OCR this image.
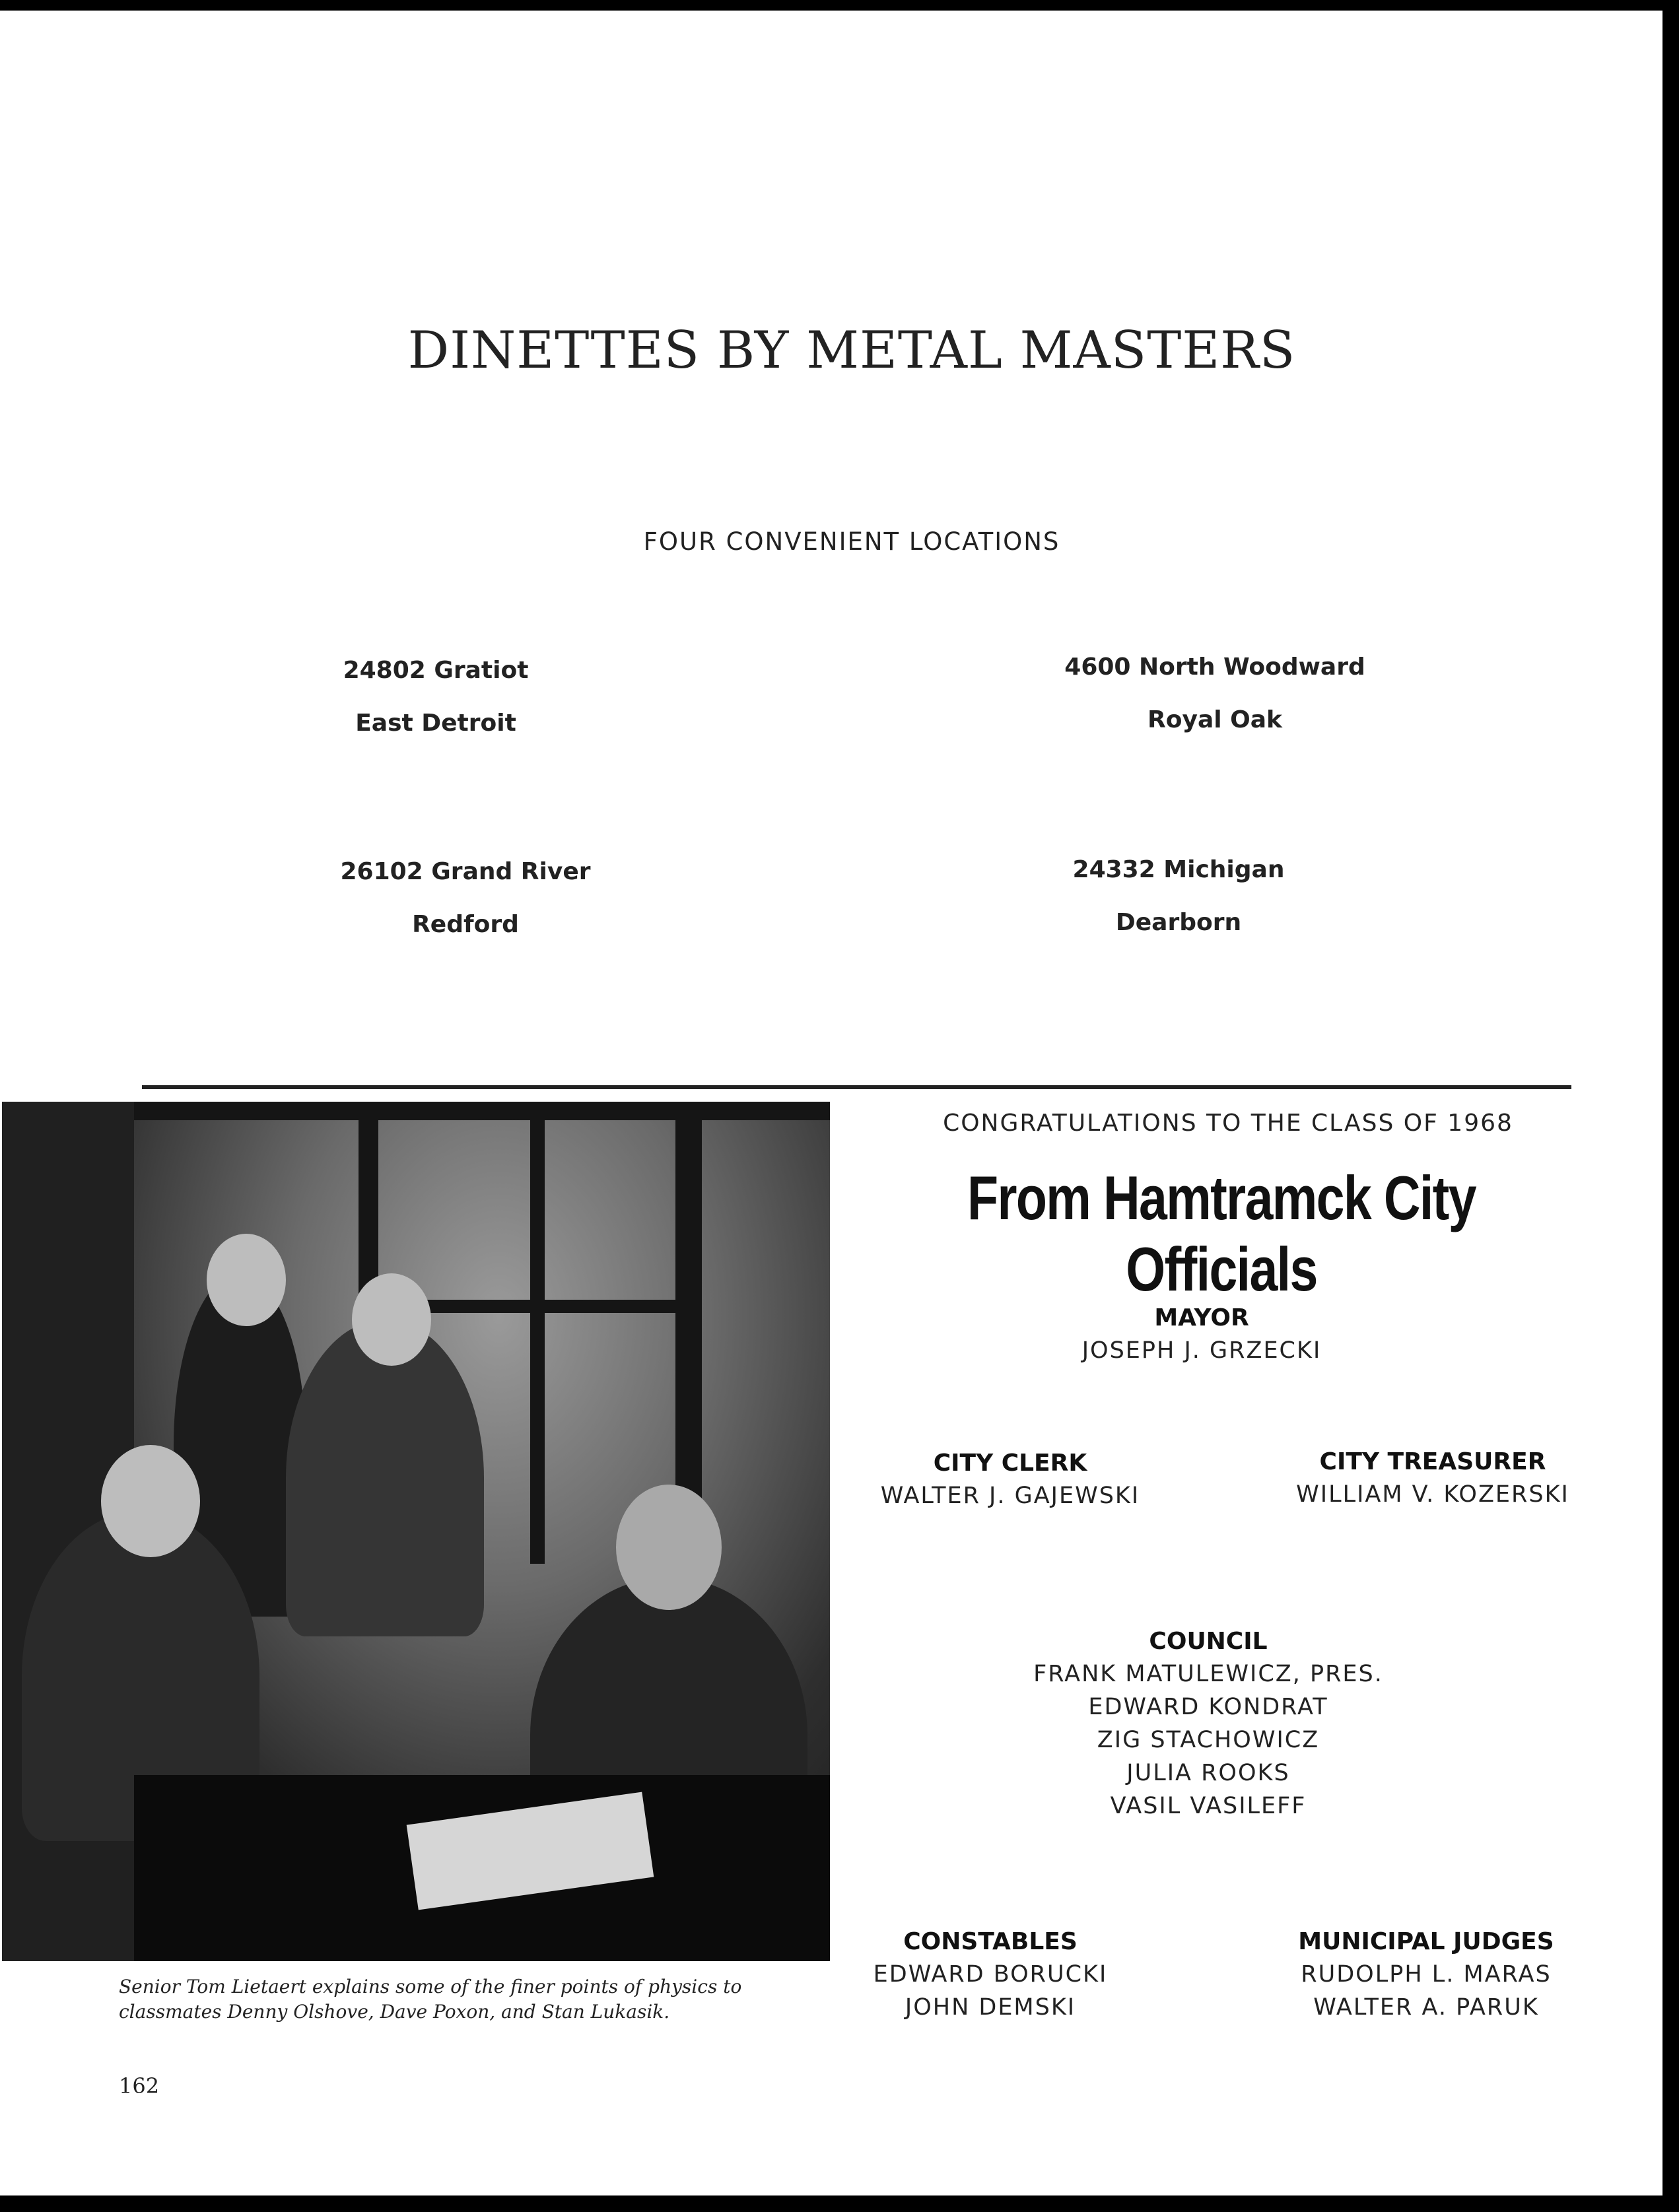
DINETTES BY METAL MASTERS
FOUR CONVENIENT LOCATIONS
24802 Gratiot
East Detroit
4600 North Woodward
Royal Oak
26102 Grand River
Redford
24332 Michigan
Dearborn
Senior Tom Lietaert explains some of the finer points of physics to classmates Denny Olshove, Dave Poxon, and Stan Lukasik.
162
CONGRATULATIONS TO THE CLASS OF 1968
From Hamtramck City Officials
MAYOR
JOSEPH J. GRZECKI
CITY CLERK
WALTER J. GAJEWSKI
CITY TREASURER
WILLIAM V. KOZERSKI
COUNCIL
FRANK MATULEWICZ, PRES.
EDWARD KONDRAT
ZIG STACHOWICZ
JULIA ROOKS
VASIL VASILEFF
CONSTABLES
EDWARD BORUCKI
JOHN DEMSKI
MUNICIPAL JUDGES
RUDOLPH L. MARAS
WALTER A. PARUK
